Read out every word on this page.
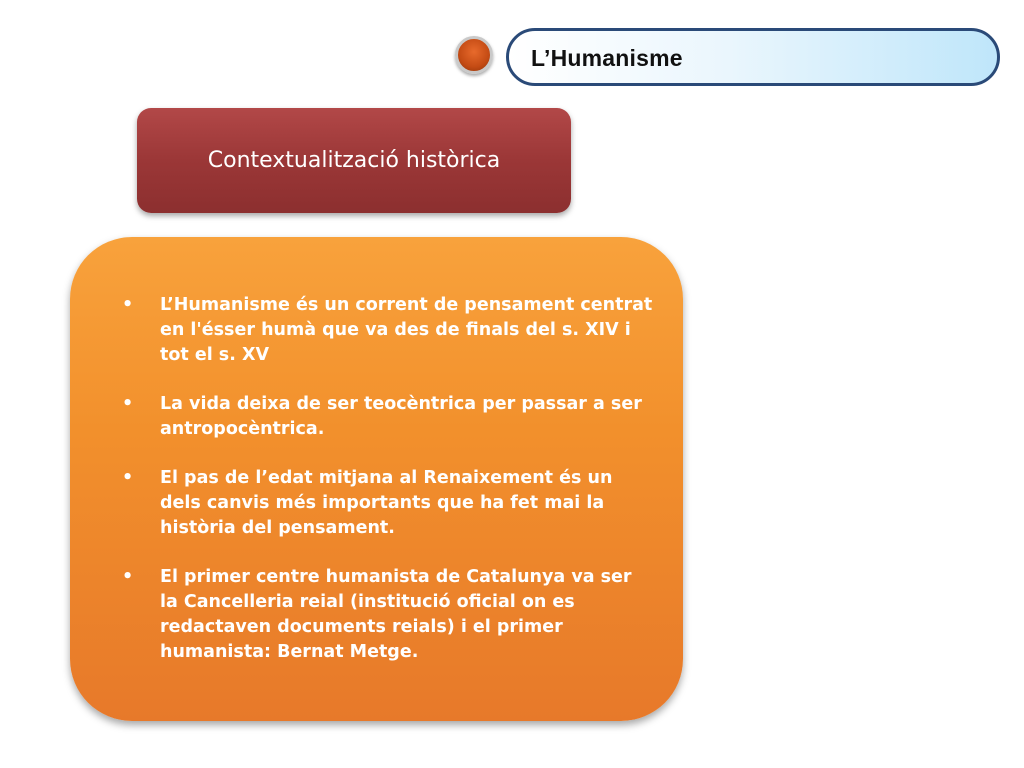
L’Humanisme
Contextualització històrica
• L’Humanisme és un corrent de pensament centrat en l'ésser humà que va des de finals del s. XIV i tot el s. XV
• La vida deixa de ser teocèntrica per passar a ser antropocèntrica.
• El pas de l’edat mitjana al Renaixement és un dels canvis més importants que ha fet mai la història del pensament.
• El primer centre humanista de Catalunya va ser la Cancelleria reial (institució oficial on es redactaven documents reials) i el primer humanista: Bernat Metge.
